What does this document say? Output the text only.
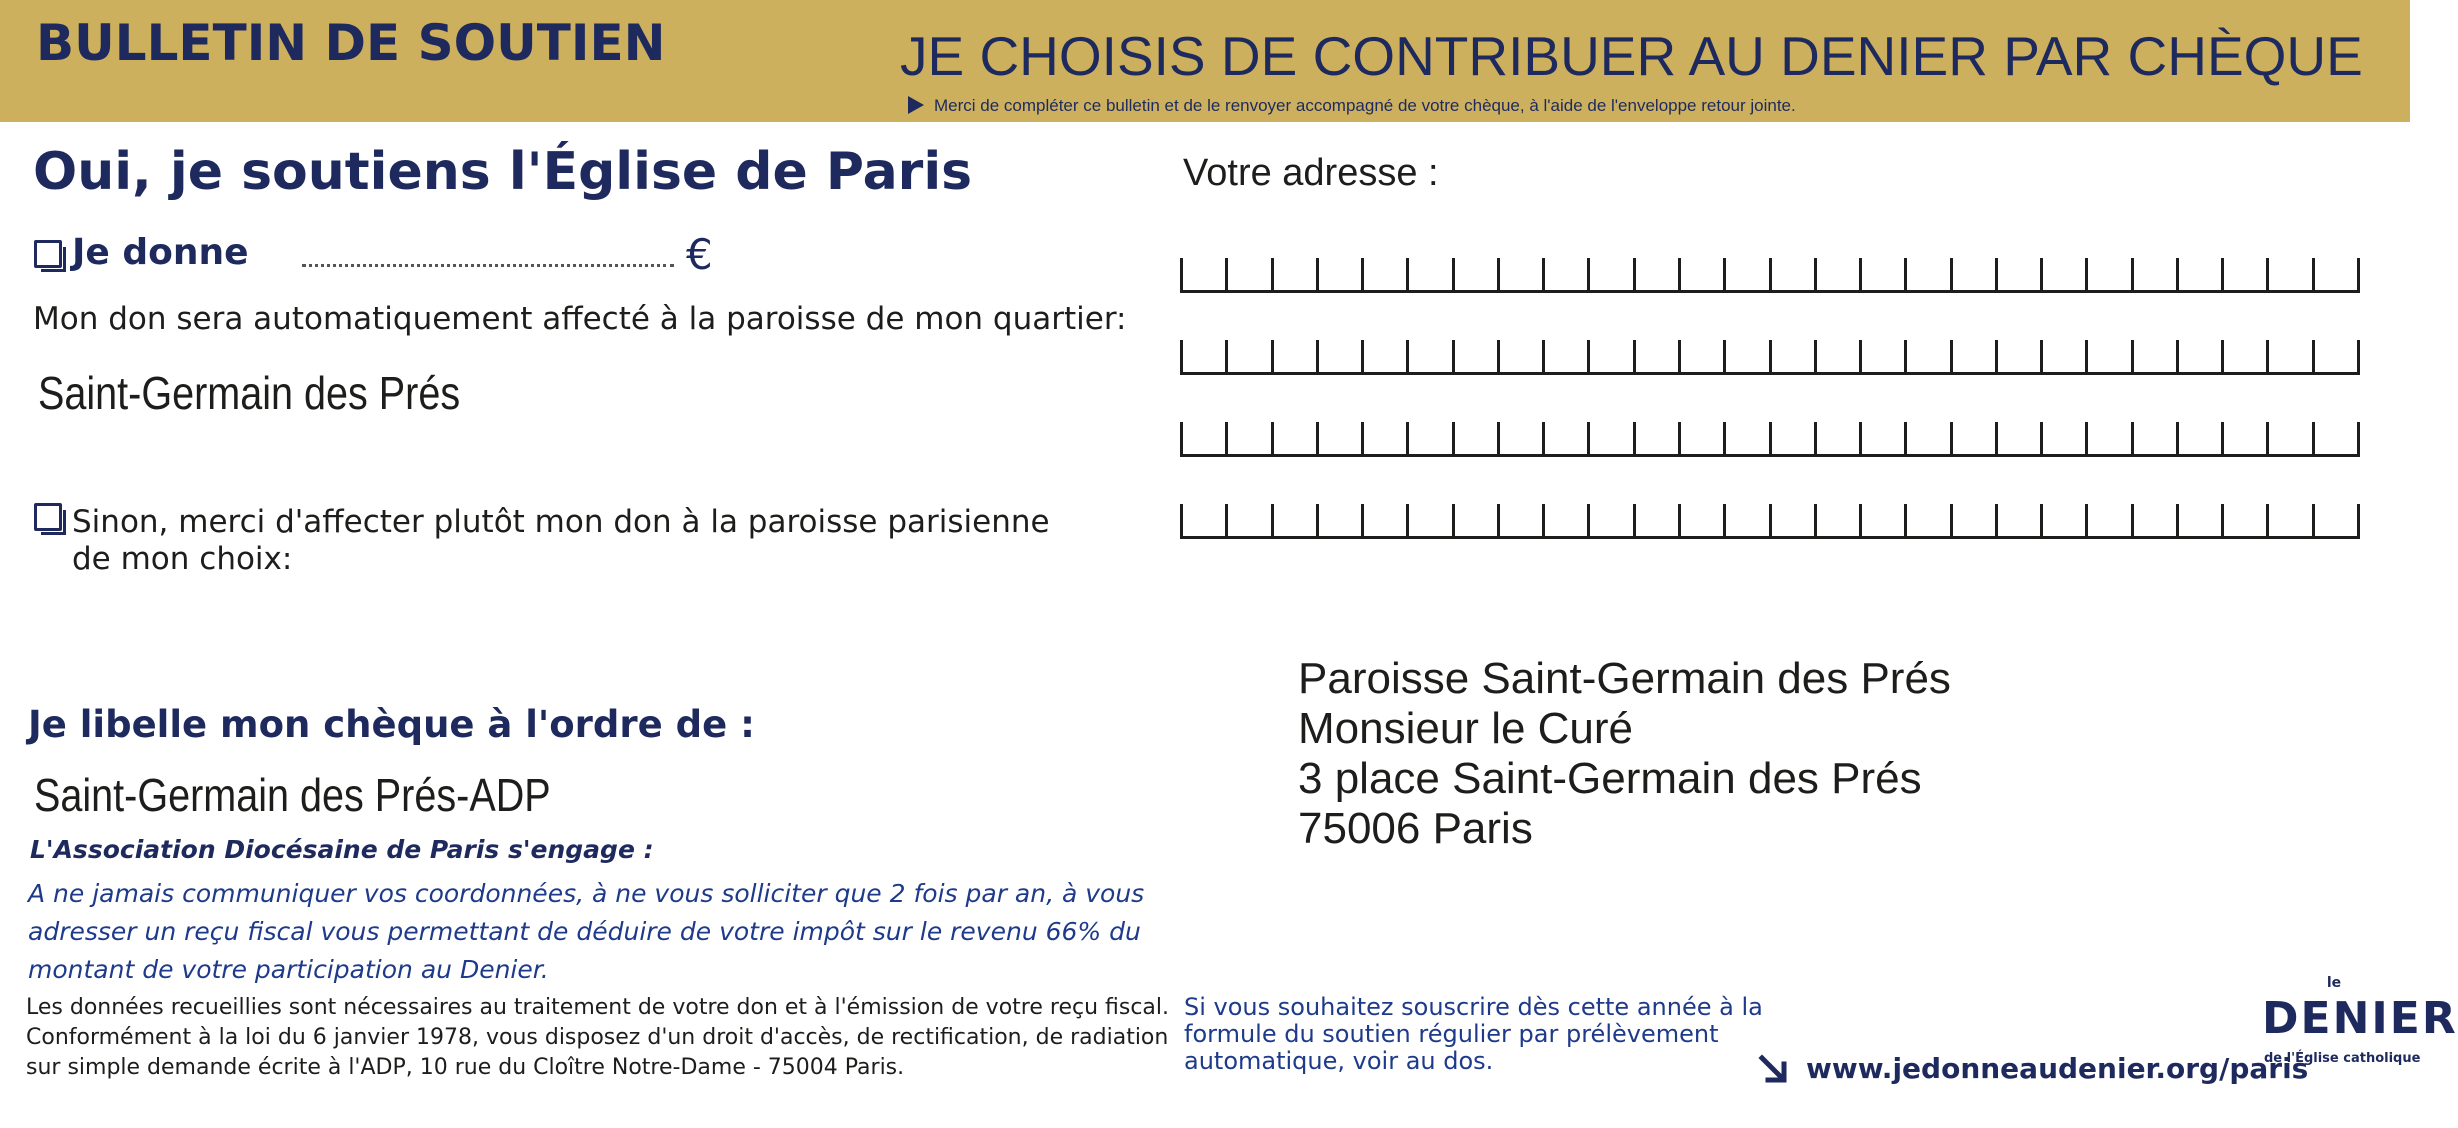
BULLETIN DE SOUTIEN	JE CHOISIS DE CONTRIBUER AU DENIER PAR CHÈQUE
Merci de compléter ce bulletin et de le renvoyer accompagné de votre chèque, à l'aide de l'enveloppe retour jointe.
Oui, je soutiens l'Église de Paris
Je donne	€
Mon don sera automatiquement affecté à la paroisse de mon quartier:
Saint-Germain des Prés
Sinon, merci d'affecter plutôt mon don à la paroisse parisienne
de mon choix:
Je libelle mon chèque à l'ordre de :
Saint-Germain des Prés-ADP
L'Association Diocésaine de Paris s'engage :
A ne jamais communiquer vos coordonnées, à ne vous solliciter que 2 fois par an, à vous adresser un reçu fiscal vous permettant de déduire de votre impôt sur le revenu 66% du montant de votre participation au Denier.
Les données recueillies sont nécessaires au traitement de votre don et à l'émission de votre reçu fiscal. Conformément à la loi du 6 janvier 1978, vous disposez d'un droit d'accès, de rectification, de radiation sur simple demande écrite à l'ADP, 10 rue du Cloître Notre-Dame - 75004 Paris.
Votre adresse :
Paroisse Saint-Germain des Prés
Monsieur le Curé
3 place Saint-Germain des Prés
75006 Paris
Si vous souhaitez souscrire dès cette année à la formule du soutien régulier par prélèvement automatique, voir au dos.	www.jedonneaudenier.org/paris
le
DENIER
de l'Église catholique
